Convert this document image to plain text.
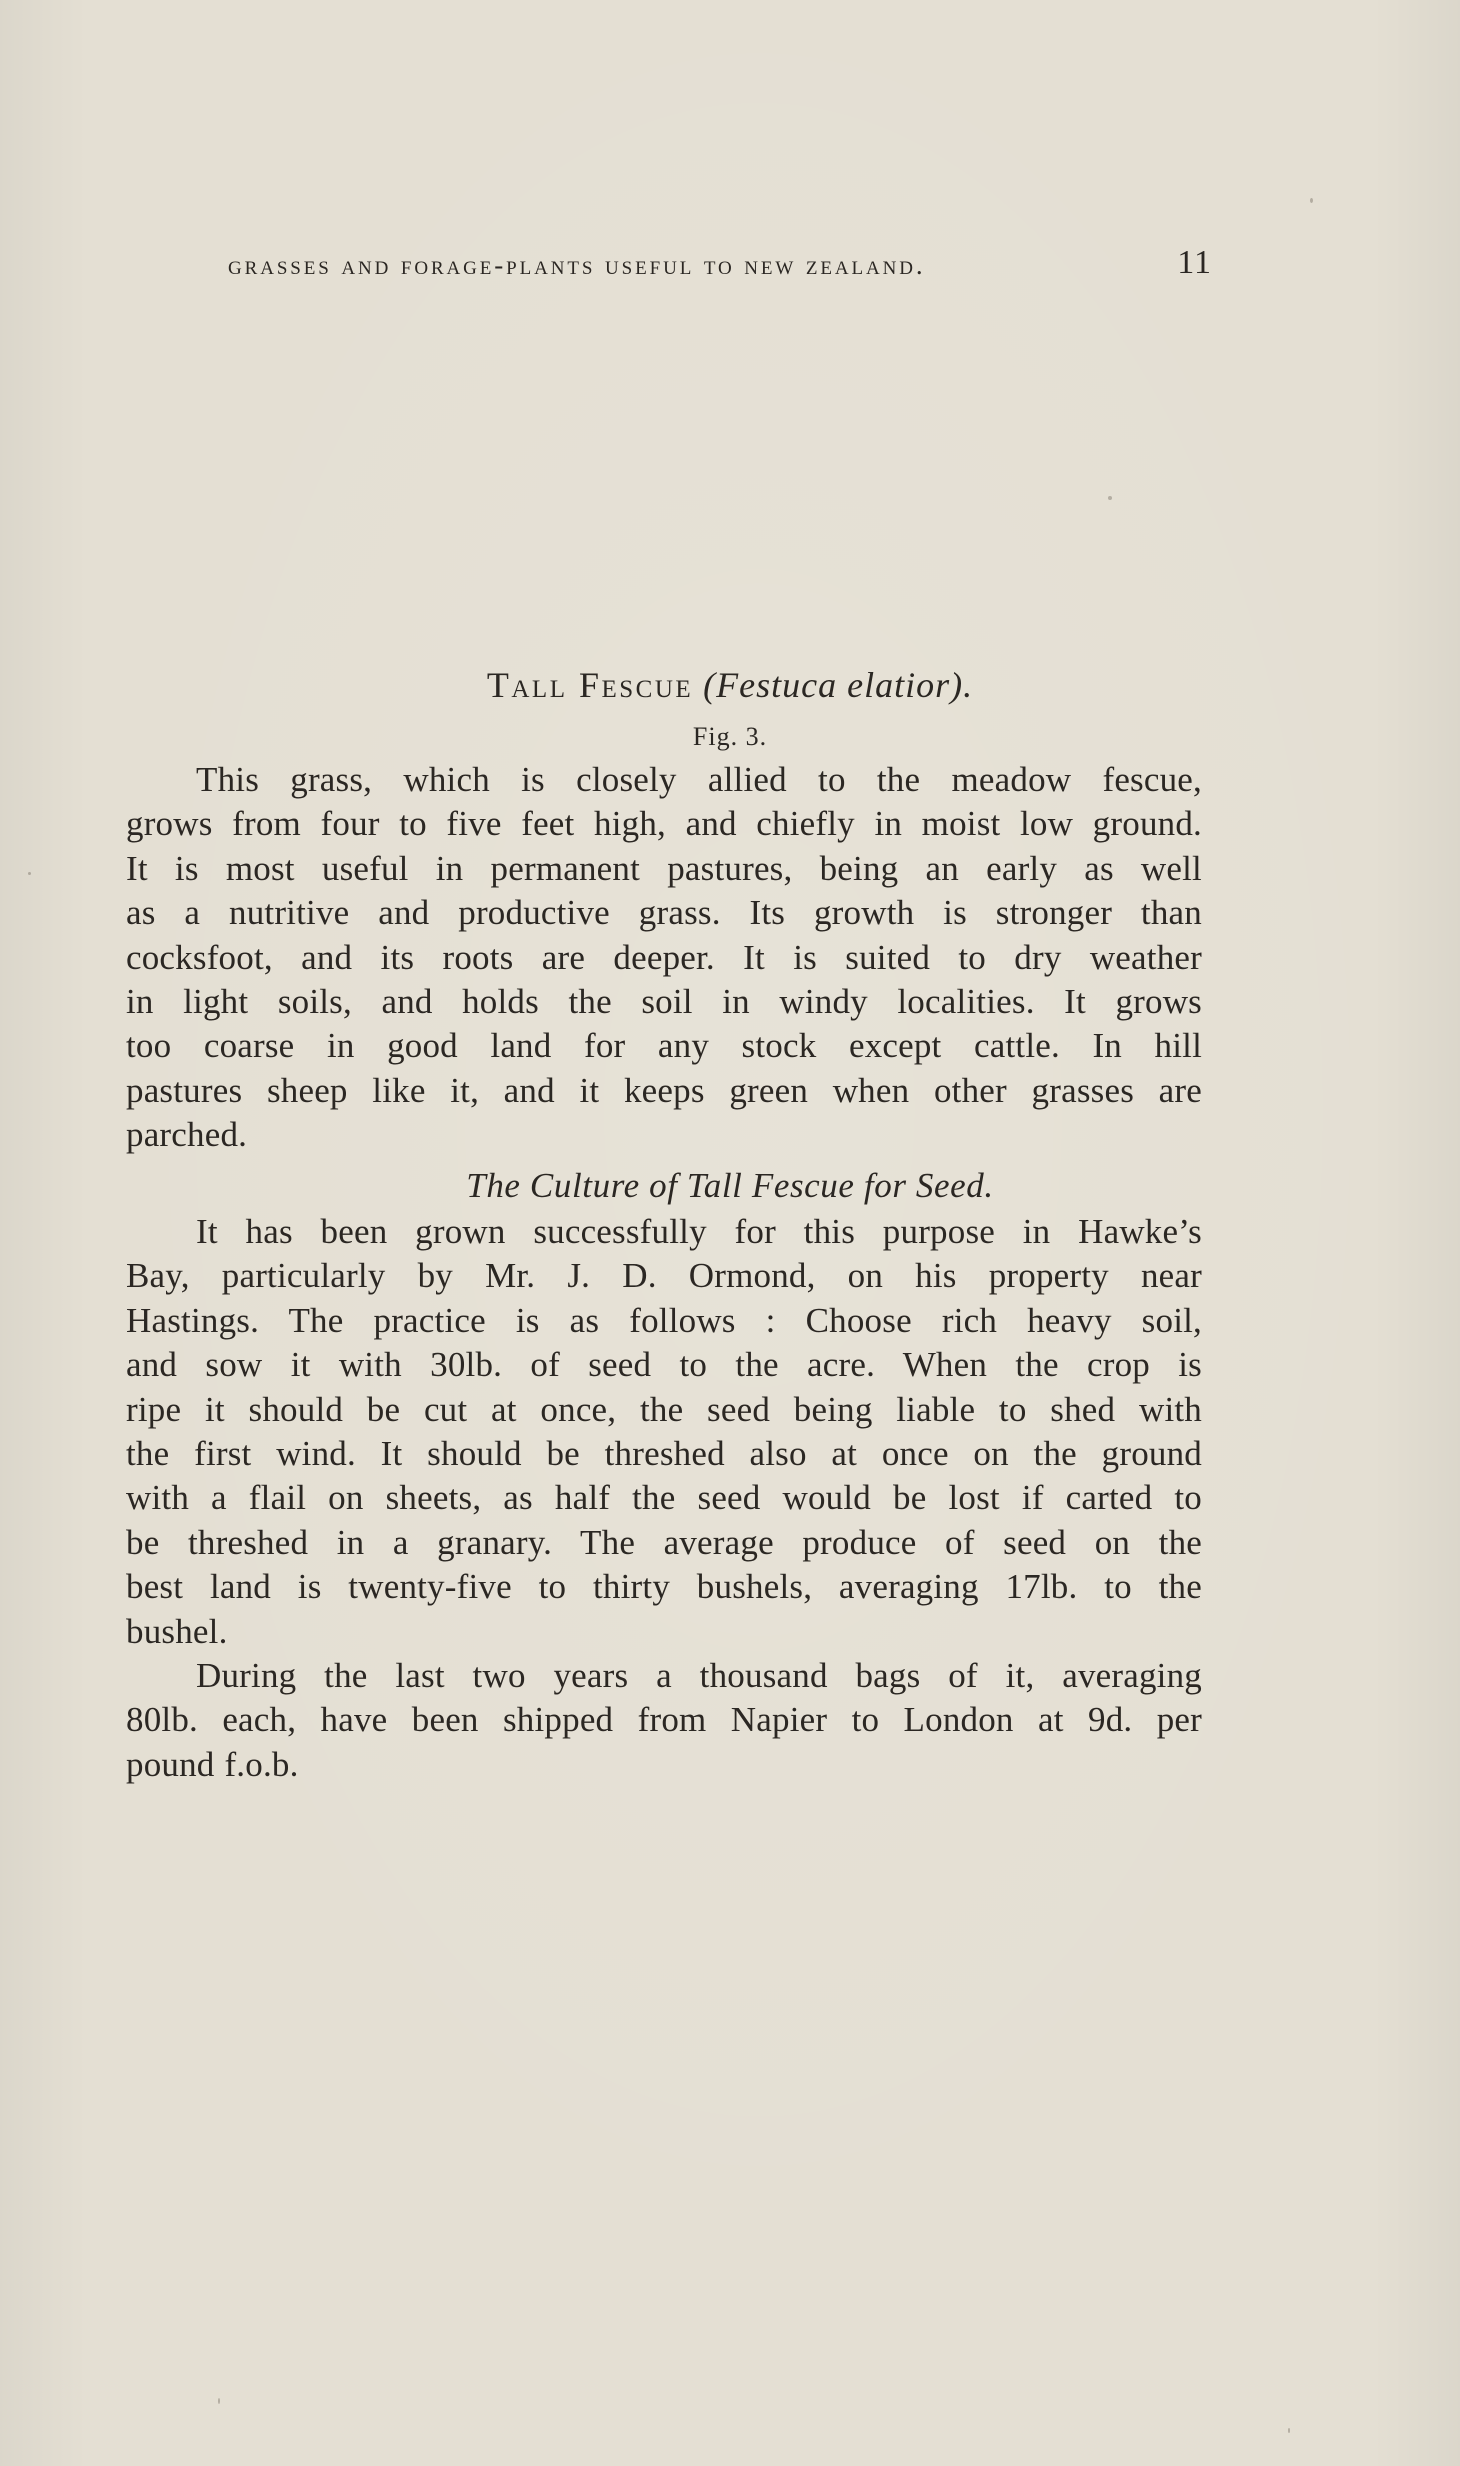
grasses and forage-plants useful to new zealand.	11
Tall Fescue (Festuca elatior).
Fig. 3.
This grass, which is closely allied to the meadow fescue,
grows from four to five feet high, and chiefly in moist low ground.
It is most useful in permanent pastures, being an early as well
as a nutritive and productive grass. Its growth is stronger than
cocksfoot, and its roots are deeper. It is suited to dry weather
in light soils, and holds the soil in windy localities. It grows
too coarse in good land for any stock except cattle. In hill
pastures sheep like it, and it keeps green when other grasses are
parched.
The Culture of Tall Fescue for Seed.
It has been grown successfully for this purpose in Hawke’s
Bay, particularly by Mr. J. D. Ormond, on his property near
Hastings. The practice is as follows : Choose rich heavy soil,
and sow it with 30lb. of seed to the acre. When the crop is
ripe it should be cut at once, the seed being liable to shed with
the first wind. It should be threshed also at once on the ground
with a flail on sheets, as half the seed would be lost if carted to
be threshed in a granary. The average produce of seed on the
best land is twenty-five to thirty bushels, averaging 17lb. to the
bushel.
During the last two years a thousand bags of it, averaging
80lb. each, have been shipped from Napier to London at 9d. per
pound f.o.b.
